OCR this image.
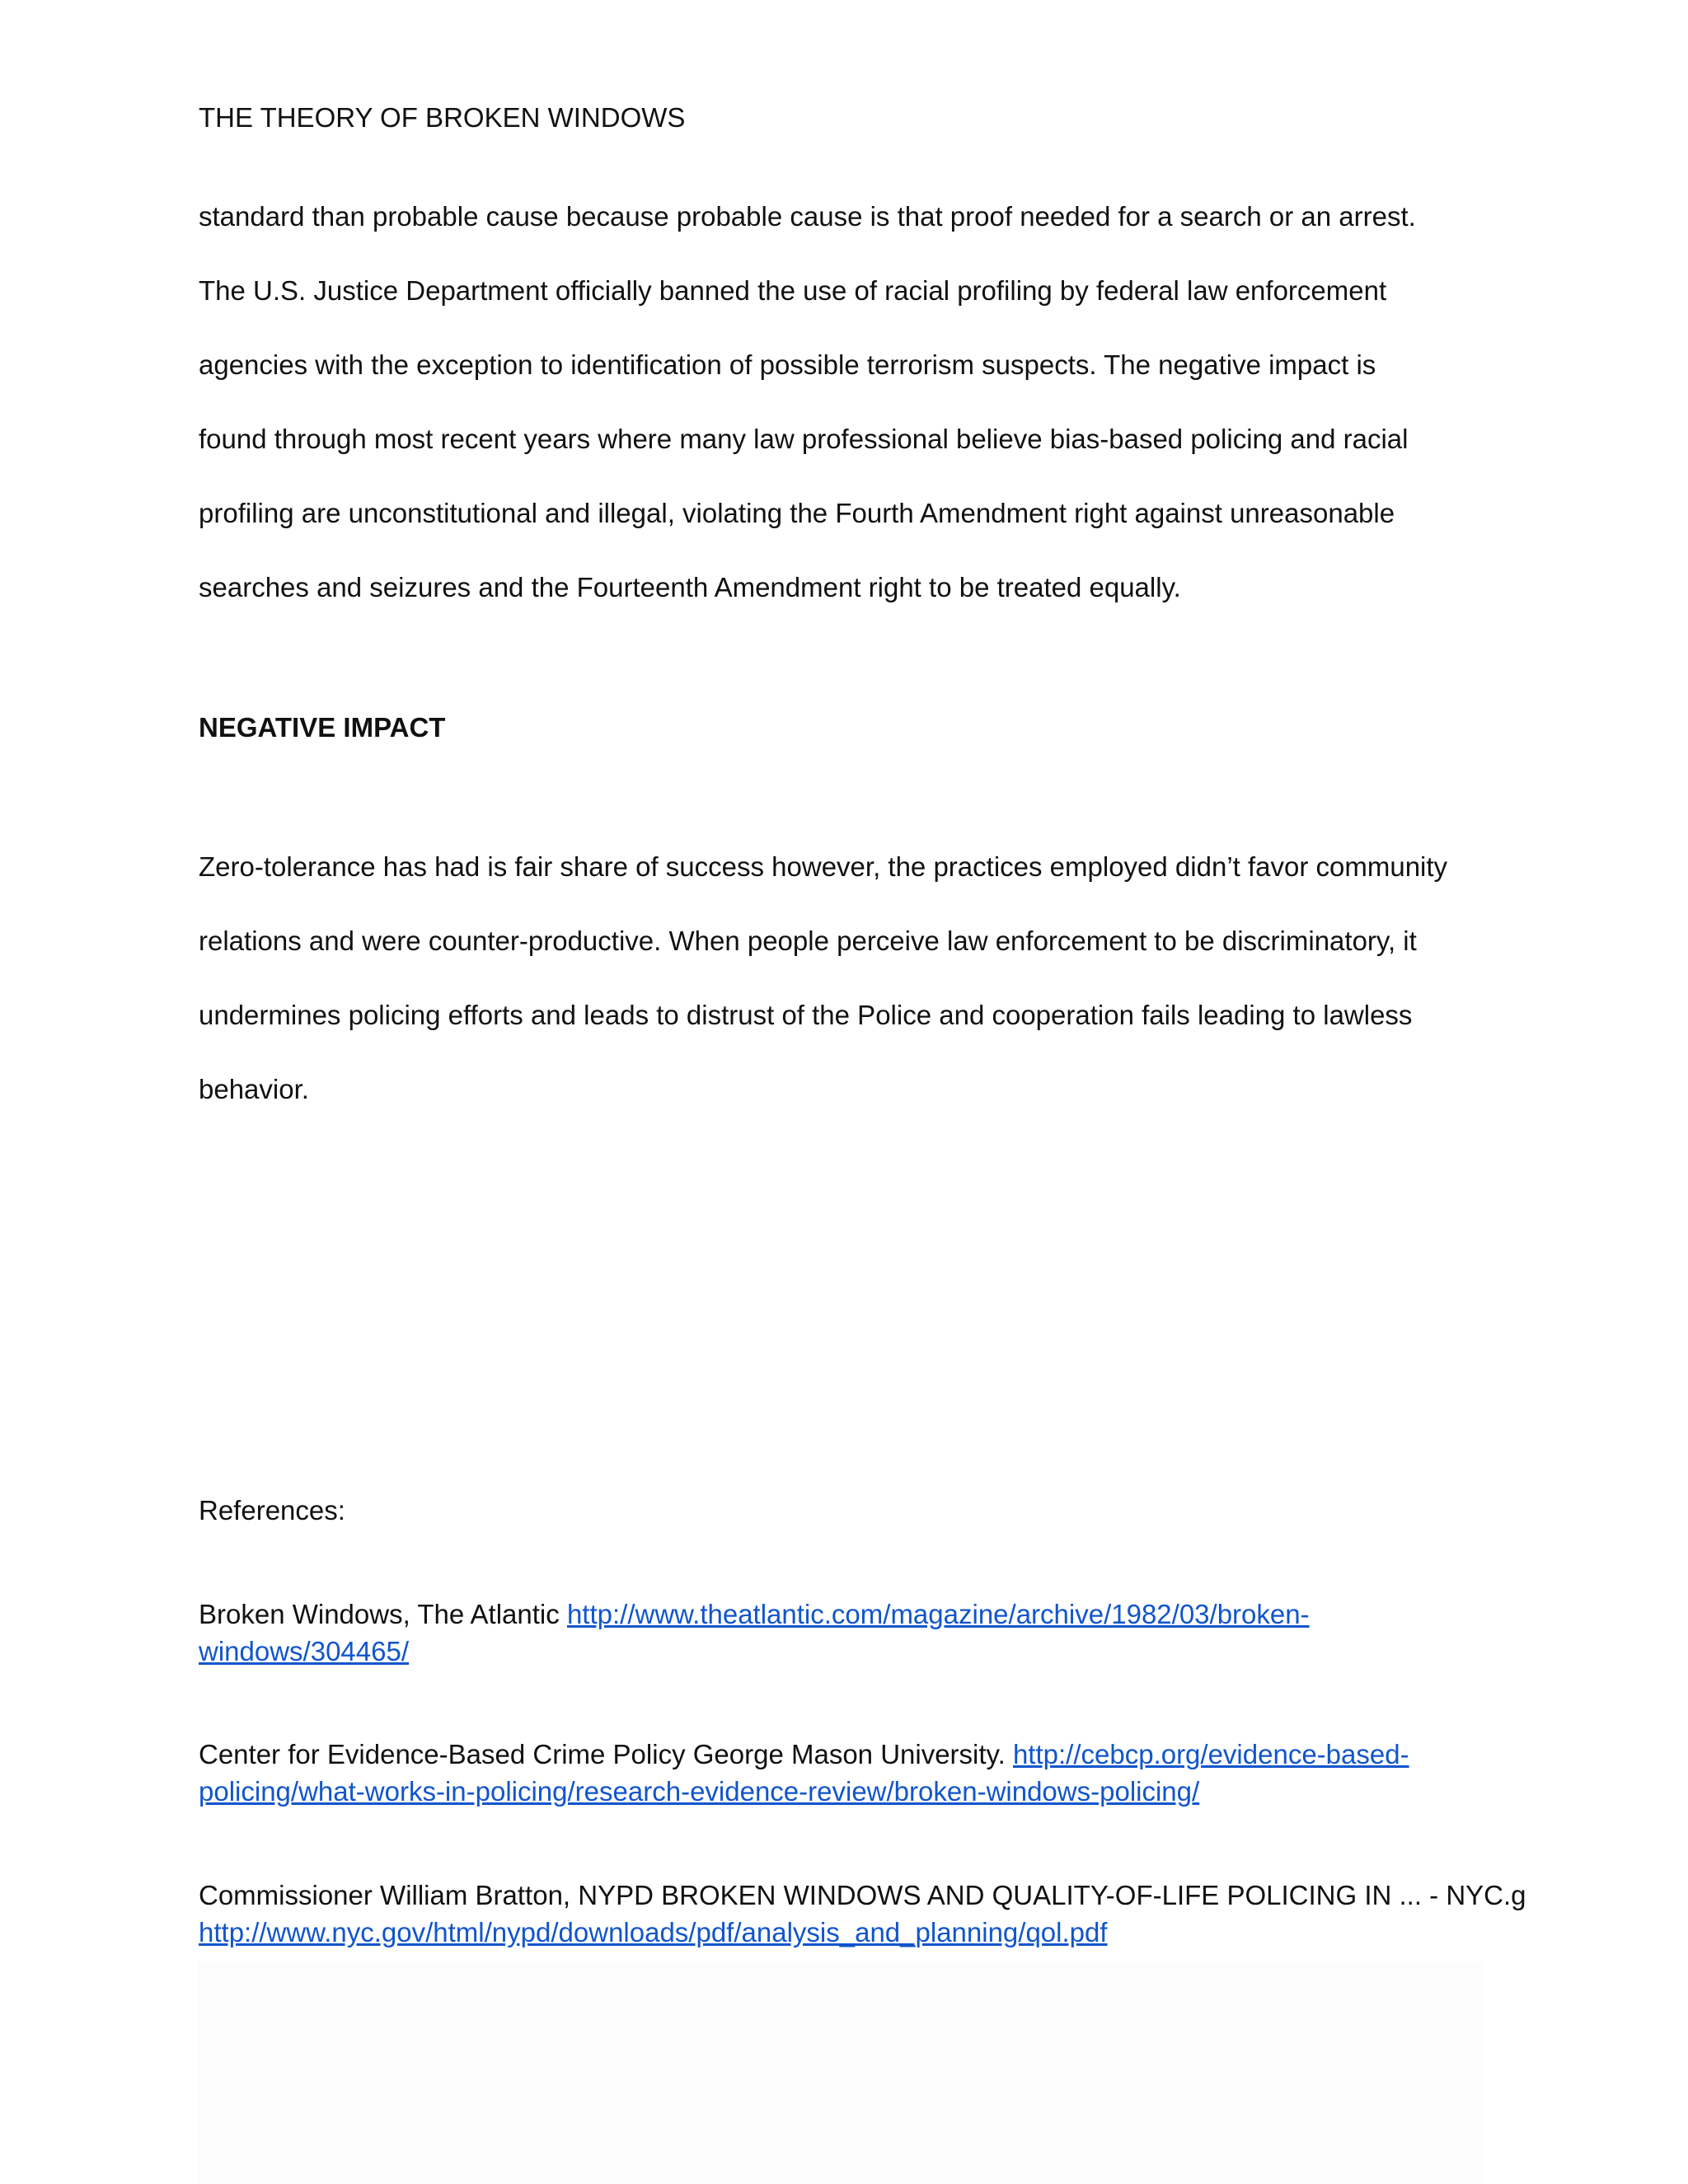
THE THEORY OF BROKEN WINDOWS
standard than probable cause because probable cause is that proof needed for a search or an arrest.
The U.S. Justice Department officially banned the use of racial profiling by federal law enforcement
agencies with the exception to identification of possible terrorism suspects. The negative impact is
found through most recent years where many law professional believe bias-based policing and racial
profiling are unconstitutional and illegal, violating the Fourth Amendment right against unreasonable
searches and seizures and the Fourteenth Amendment right to be treated equally.
NEGATIVE IMPACT
Zero-tolerance has had is fair share of success however, the practices employed didn’t favor community
relations and were counter-productive. When people perceive law enforcement to be discriminatory, it
undermines policing efforts and leads to distrust of the Police and cooperation fails leading to lawless
behavior.
References:
Broken Windows, The Atlantic http://www.theatlantic.com/magazine/archive/1982/03/broken-
windows/304465/
Center for Evidence-Based Crime Policy George Mason University. http://cebcp.org/evidence-based-
policing/what-works-in-policing/research-evidence-review/broken-windows-policing/
Commissioner William Bratton, NYPD BROKEN WINDOWS AND QUALITY-OF-LIFE POLICING IN ... - NYC.g
http://www.nyc.gov/html/nypd/downloads/pdf/analysis_and_planning/qol.pdf
